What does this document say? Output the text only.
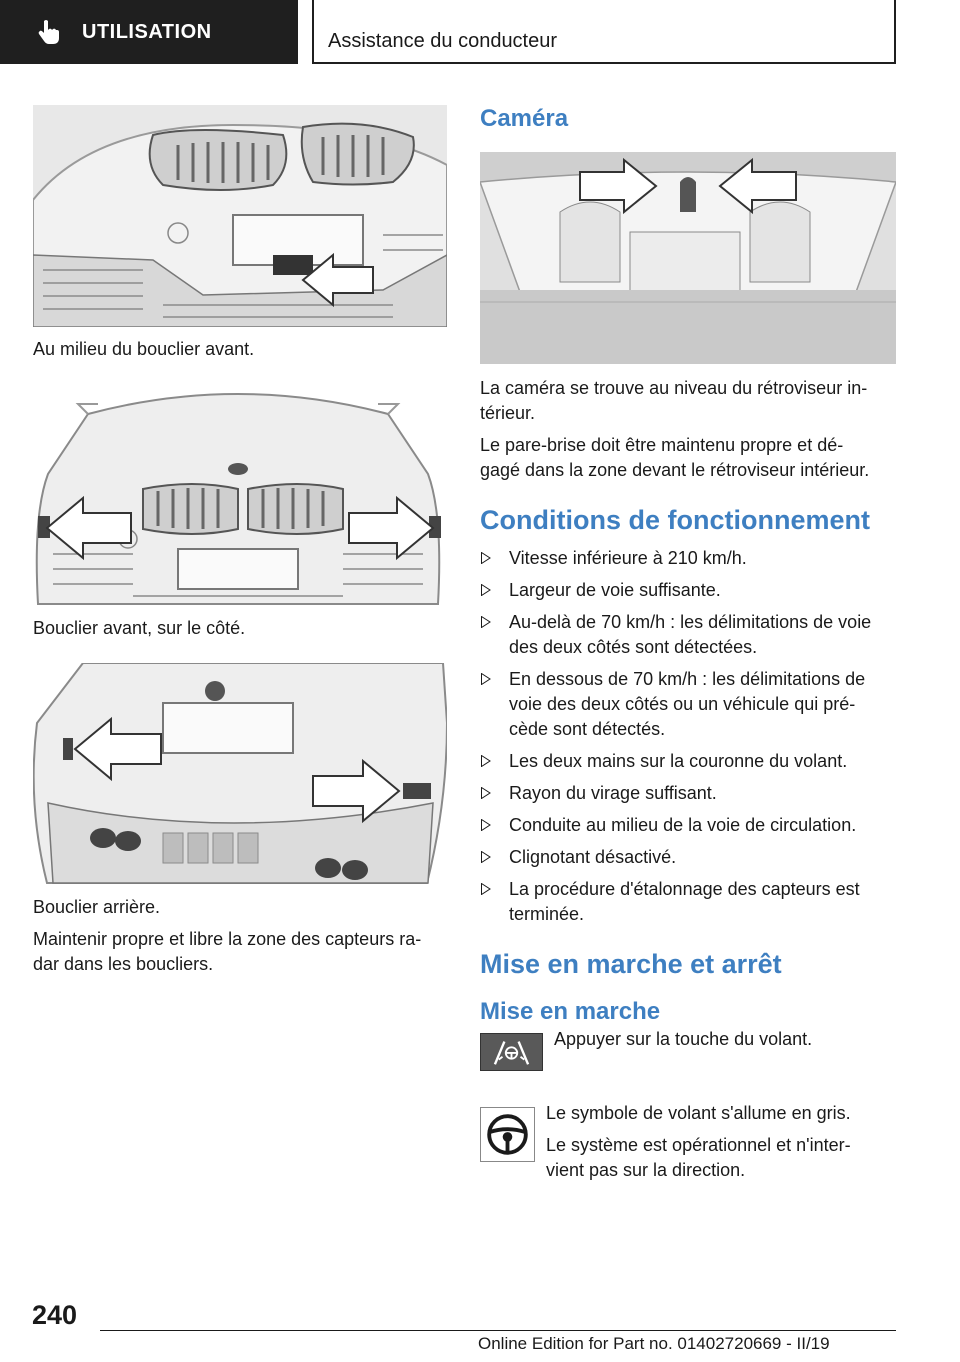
UTILISATION	Assistance du conducteur

Au milieu du bouclier avant.

Bouclier avant, sur le côté.

Bouclier arrière.

Maintenir propre et libre la zone des capteurs ra-
dar dans les boucliers.

Caméra

La caméra se trouve au niveau du rétroviseur in-
térieur.

Le pare-brise doit être maintenu propre et dé-
gagé dans la zone devant le rétroviseur intérieur.

Conditions de fonctionnement
Vitesse inférieure à 210 km/h.
Largeur de voie suffisante.
Au-delà de 70 km/h : les délimitations de voie
des deux côtés sont détectées.
En dessous de 70 km/h : les délimitations de
voie des deux côtés ou un véhicule qui pré-
cède sont détectés.
Les deux mains sur la couronne du volant.
Rayon du virage suffisant.
Conduite au milieu de la voie de circulation.
Clignotant désactivé.
La procédure d'étalonnage des capteurs est
terminée.
Mise en marche et arrêt
Mise en marche

Appuyer sur la touche du volant.

Le symbole de volant s'allume en gris.

Le système est opérationnel et n'inter-
vient pas sur la direction.

240
Online Edition for Part no. 01402720669 - II/19
